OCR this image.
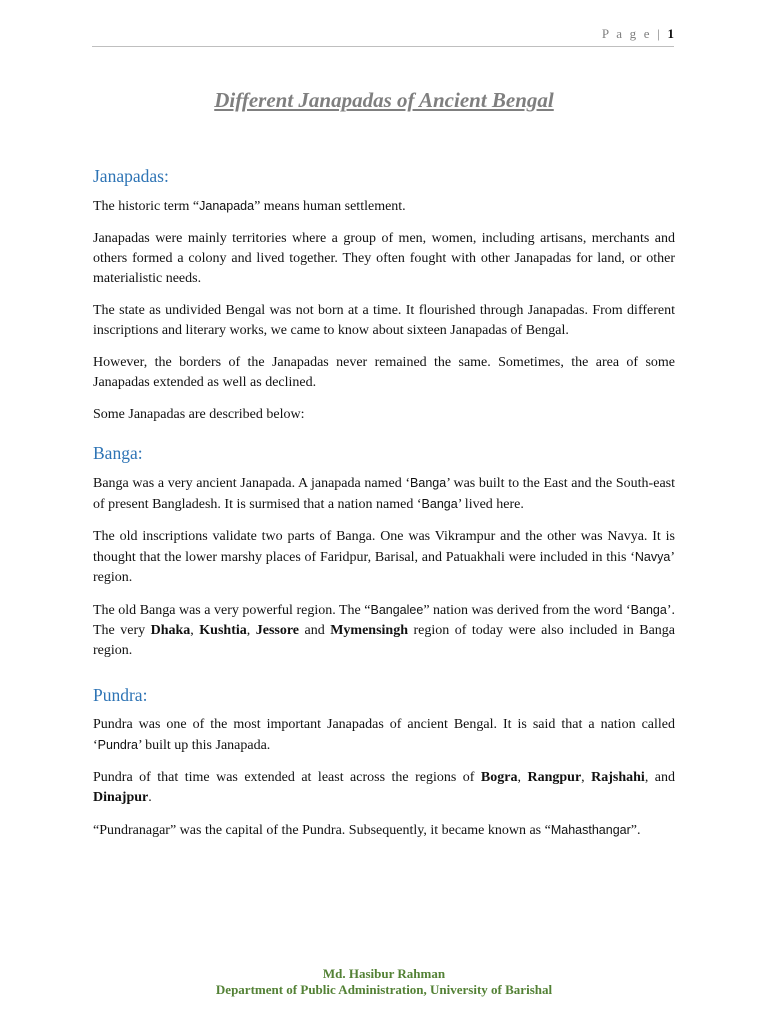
P a g e | 1
Different Janapadas of Ancient Bengal
Janapadas:

The historic term “Janapada” means human settlement.

Janapadas were mainly territories where a group of men, women, including artisans, merchants and others formed a colony and lived together. They often fought with other Janapadas for land, or other materialistic needs.

The state as undivided Bengal was not born at a time. It flourished through Janapadas. From different inscriptions and literary works, we came to know about sixteen Janapadas of Bengal.

However, the borders of the Janapadas never remained the same. Sometimes, the area of some Janapadas extended as well as declined.

Some Janapadas are described below:

Banga:

Banga was a very ancient Janapada. A janapada named ‘Banga’ was built to the East and the South-east of present Bangladesh. It is surmised that a nation named ‘Banga’ lived here.

The old inscriptions validate two parts of Banga. One was Vikrampur and the other was Navya. It is thought that the lower marshy places of Faridpur, Barisal, and Patuakhali were included in this ‘Navya’ region.

The old Banga was a very powerful region. The “Bangalee” nation was derived from the word ‘Banga’. The very Dhaka, Kushtia, Jessore and Mymensingh region of today were also included in Banga region.

Pundra:

Pundra was one of the most important Janapadas of ancient Bengal. It is said that a nation called ‘Pundra’ built up this Janapada.

Pundra of that time was extended at least across the regions of Bogra, Rangpur, Rajshahi, and Dinajpur.

“Pundranagar” was the capital of the Pundra. Subsequently, it became known as “Mahasthangar”.

Md. Hasibur Rahman
Department of Public Administration, University of Barishal
